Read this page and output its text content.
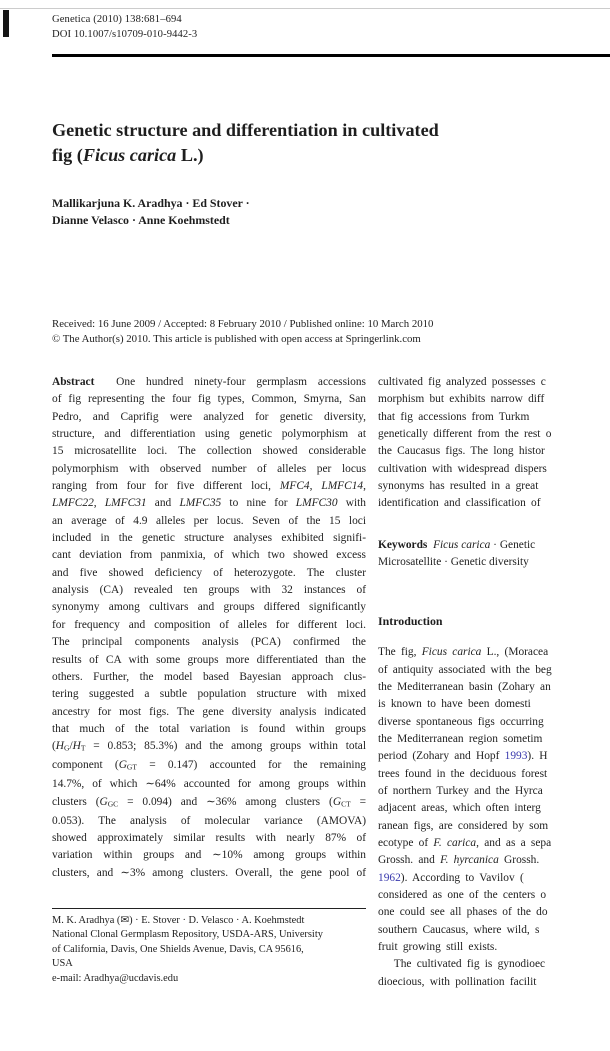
Genetica (2010) 138:681–694
DOI 10.1007/s10709-010-9442-3
Genetic structure and differentiation in cultivated
fig (Ficus carica L.)
Mallikarjuna K. Aradhya · Ed Stover ·
Dianne Velasco · Anne Koehmstedt
Received: 16 June 2009 / Accepted: 8 February 2010 / Published online: 10 March 2010
© The Author(s) 2010. This article is published with open access at Springerlink.com
Abstract  One hundred ninety-four germplasm accessions
of fig representing the four fig types, Common, Smyrna, San
Pedro, and Caprifig were analyzed for genetic diversity,
structure, and differentiation using genetic polymorphism at
15 microsatellite loci. The collection showed considerable
polymorphism with observed number of alleles per locus
ranging from four for five different loci, MFC4, LMFC14,
LMFC22, LMFC31 and LMFC35 to nine for LMFC30 with
an average of 4.9 alleles per locus. Seven of the 15 loci
included in the genetic structure analyses exhibited signifi-
cant deviation from panmixia, of which two showed excess
and five showed deficiency of heterozygote. The cluster
analysis (CA) revealed ten groups with 32 instances of
synonymy among cultivars and groups differed significantly
for frequency and composition of alleles for different loci.
The principal components analysis (PCA) confirmed the
results of CA with some groups more differentiated than the
others. Further, the model based Bayesian approach clus-
tering suggested a subtle population structure with mixed
ancestry for most figs. The gene diversity analysis indicated
that much of the total variation is found within groups
(HG/HT = 0.853; 85.3%) and the among groups within total
component (GGT = 0.147) accounted for the remaining
14.7%, of which ∼64% accounted for among groups within
clusters (GGC = 0.094) and ∼36% among clusters (GCT =
0.053). The analysis of molecular variance (AMOVA)
showed approximately similar results with nearly 87% of
variation within groups and ∼10% among groups within
clusters, and ∼3% among clusters. Overall, the gene pool of
M. K. Aradhya (✉) · E. Stover · D. Velasco · A. Koehmstedt
National Clonal Germplasm Repository, USDA-ARS, University
of California, Davis, One Shields Avenue, Davis, CA 95616,
USA
e-mail: Aradhya@ucdavis.edu
cultivated fig analyzed possesses c
morphism but exhibits narrow diff
that fig accessions from Turkm
genetically different from the rest o
the Caucasus figs. The long histor
cultivation with widespread dispers
synonyms has resulted in a great
identification and classification of
Keywords Ficus carica · Genetic
Microsatellite · Genetic diversity
Introduction
The fig, Ficus carica L., (Moracea
of antiquity associated with the beg
the Mediterranean basin (Zohary an
is known to have been domesti
diverse spontaneous figs occurring
the Mediterranean region sometim
period (Zohary and Hopf 1993). H
trees found in the deciduous forest
of northern Turkey and the Hyrca
adjacent areas, which often interg
ranean figs, are considered by som
ecotype of F. carica, and as a sepa
Grossh. and F. hyrcanica Grossh.
1962). According to Vavilov (
considered as one of the centers o
one could see all phases of the do
southern Caucasus, where wild, s
fruit growing still exists.
The cultivated fig is gynodioec
dioecious, with pollination facilit
